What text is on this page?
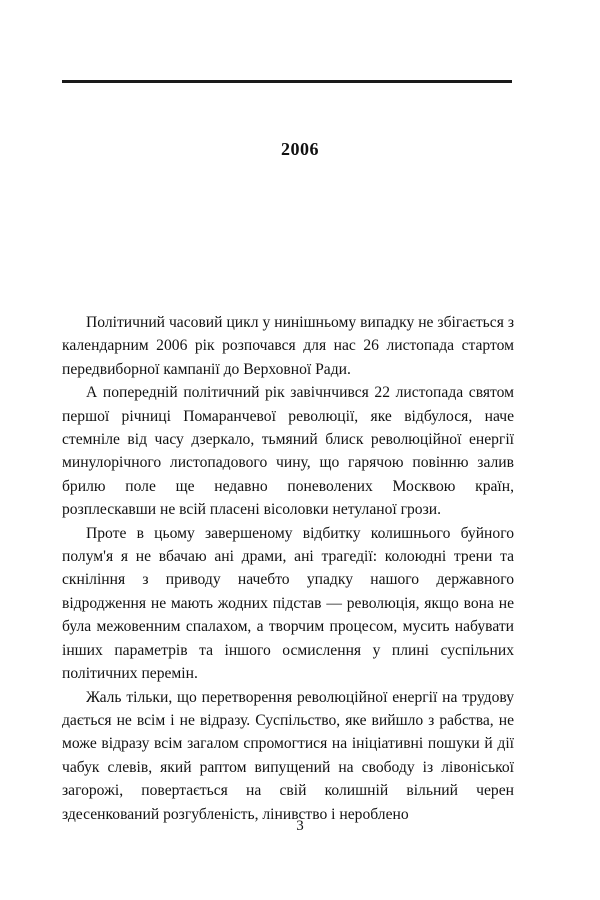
2006

Політичний часовий цикл у нинішньому випадку не збігається з календарним 2006 рік розпочався для нас 26 листопада стартом передвиборної кампанії до Верховної Ради.

А попередній політичний рік завічнчився 22 листопада святом першої річниці Помаранчевої революції, яке відбулося, наче стемніле від часу дзеркало, тьмяний блиск революційної енергії минулорічного листопадового чину, що гарячою повінню залив брилю поле ще недавно поневолених Москвою країн, розплескавши не всій пласені вісоловки нетуланої грози.

Проте в цьому завершеному відбитку колишнього буйного полум'я я не вбачаю ані драми, ані трагедії: колоюдні трени та скніління з приводу начебто упадку нашого державного відродження не мають жодних підстав — революція, якщо вона не була межовенним спалахом, а творчим процесом, мусить набувати інших параметрів та іншого осмислення у плині суспільних політичних перемін.

Жаль тільки, що перетворення революційної енергії на трудову дається не всім і не відразу. Суспільство, яке вийшло з рабства, не може відразу всім загалом спромогтися на ініціативні пошуки й дії чабук слевів, який раптом випущений на свободу із лівоніської загорожі, повертається на свій колишній вільний черен здесенкований розгубленість, лінивство і нероблено

3
